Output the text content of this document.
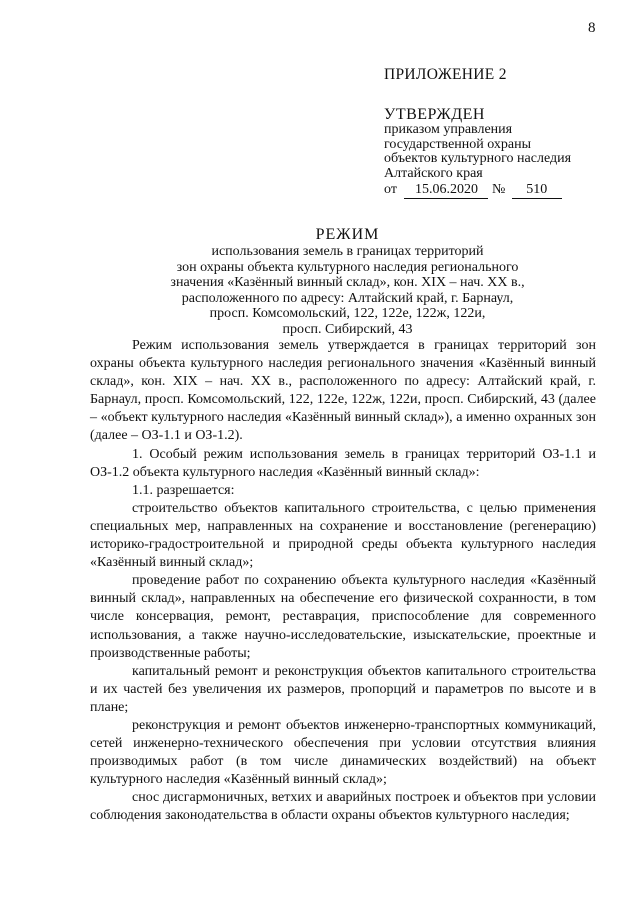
8
ПРИЛОЖЕНИЕ 2
УТВЕРЖДЕН
приказом управления
государственной охраны
объектов культурного наследия
Алтайского края
от 15.06.2020 № 510
РЕЖИМ
использования земель в границах территорий
зон охраны объекта культурного наследия регионального
значения «Казённый винный склад», кон. XIX – нач. XX в.,
расположенного по адресу: Алтайский край, г. Барнаул,
просп. Комсомольский, 122, 122е, 122ж, 122и,
просп. Сибирский, 43

Режим использования земель утверждается в границах территорий зон охраны объекта культурного наследия регионального значения «Казённый винный склад», кон. XIX – нач. XX в., расположенного по адресу: Алтайский край, г. Барнаул, просп. Комсомольский, 122, 122е, 122ж, 122и, просп. Сибирский, 43 (далее – «объект культурного наследия «Казённый винный склад»), а именно охранных зон (далее – ОЗ-1.1 и ОЗ-1.2).

1. Особый режим использования земель в границах территорий ОЗ-1.1 и ОЗ-1.2 объекта культурного наследия «Казённый винный склад»:

1.1. разрешается:

строительство объектов капитального строительства, с целью применения специальных мер, направленных на сохранение и восстановление (регенерацию) историко-градостроительной и природной среды объекта культурного наследия «Казённый винный склад»;

проведение работ по сохранению объекта культурного наследия «Казённый винный склад», направленных на обеспечение его физической сохранности, в том числе консервация, ремонт, реставрация, приспособление для современного использования, а также научно-исследовательские, изыскательские, проектные и производственные работы;

капитальный ремонт и реконструкция объектов капитального строительства и их частей без увеличения их размеров, пропорций и параметров по высоте и в плане;

реконструкция и ремонт объектов инженерно-транспортных коммуникаций, сетей инженерно-технического обеспечения при условии отсутствия влияния производимых работ (в том числе динамических воздействий) на объект культурного наследия «Казённый винный склад»;

снос дисгармоничных, ветхих и аварийных построек и объектов при условии соблюдения законодательства в области охраны объектов культурного наследия;
